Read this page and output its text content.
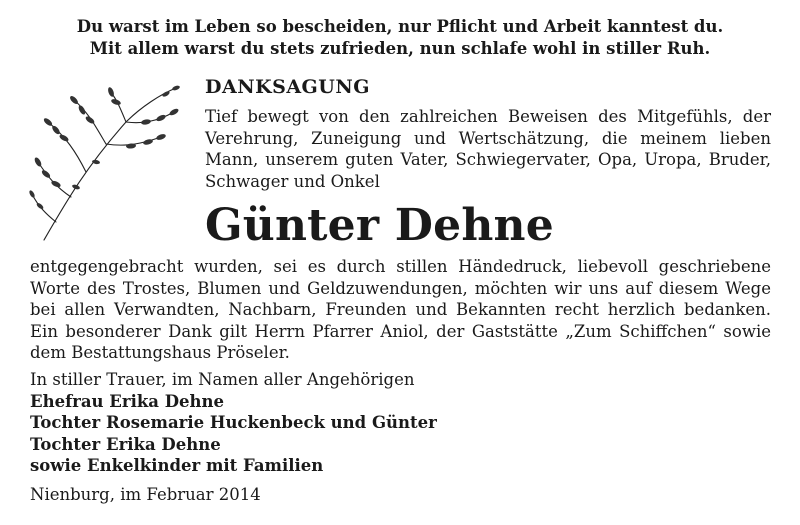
Du warst im Leben so bescheiden, nur Pflicht und Arbeit kanntest du.
Mit allem warst du stets zufrieden, nun schlafe wohl in stiller Ruh.
DANKSAGUNG
Tief bewegt von den zahlreichen Beweisen des Mitgefühls, der Verehrung, Zuneigung und Wertschätzung, die meinem lieben Mann, unserem guten Vater, Schwiegervater, Opa, Uropa, Bruder, Schwager und Onkel
Günter Dehne
entgegengebracht wurden, sei es durch stillen Händedruck, liebevoll geschriebene Worte des Trostes, Blumen und Geldzuwendungen, möchten wir uns auf diesem Wege bei allen Verwandten, Nachbarn, Freunden und Bekannten recht herzlich bedanken. Ein besonderer Dank gilt Herrn Pfarrer Aniol, der Gaststätte „Zum Schiffchen“ sowie dem Bestattungshaus Pröseler.
In stiller Trauer, im Namen aller Angehörigen
Ehefrau Erika Dehne
Tochter Rosemarie Huckenbeck und Günter
Tochter Erika Dehne
sowie Enkelkinder mit Familien
Nienburg, im Februar 2014
